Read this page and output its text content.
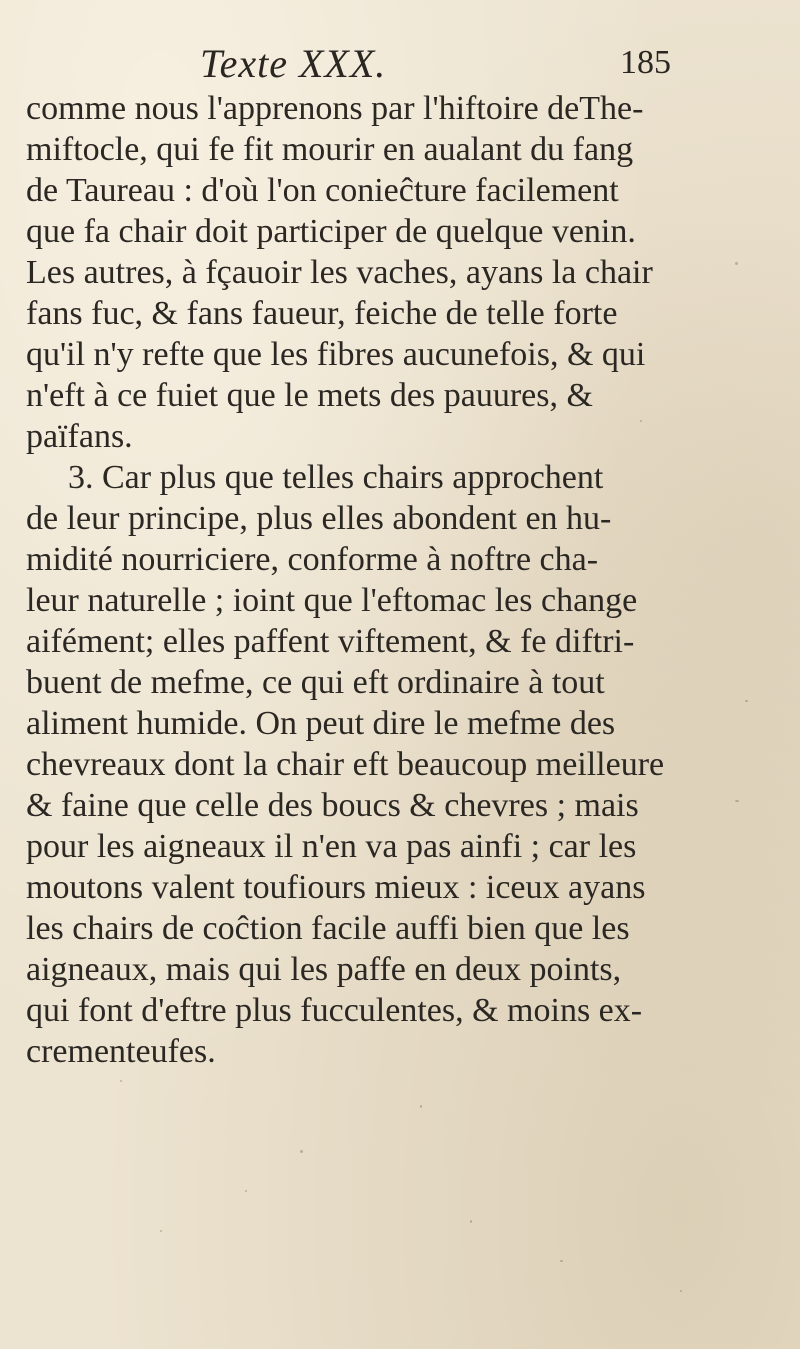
Texte XXX.	185
comme nous l'apprenons par l'hiftoire deThe-
miftocle, qui fe fit mourir en aualant du fang
de Taureau : d'où l'on conieĉture facilement
que fa chair doit participer de quelque venin.
Les autres, à fçauoir les vaches, ayans la chair
fans fuc, & fans faueur, feiche de telle forte
qu'il n'y refte que les fibres aucunefois, & qui
n'eft à ce fuiet que le mets des pauures, &
païfans.
3. Car plus que telles chairs approchent
de leur principe, plus elles abondent en hu-
midité nourriciere, conforme à noftre cha-
leur naturelle ; ioint que l'eftomac les change
aifément; elles paffent viftement, & fe diftri-
buent de mefme, ce qui eft ordinaire à tout
aliment humide. On peut dire le mefme des
chevreaux dont la chair eft beaucoup meilleure
& faine que celle des boucs & chevres ; mais
pour les aigneaux il n'en va pas ainfi ; car les
moutons valent toufiours mieux : iceux ayans
les chairs de coĉtion facile auffi bien que les
aigneaux, mais qui les paffe en deux points,
qui font d'eftre plus fucculentes, & moins ex-
crementeufes.
